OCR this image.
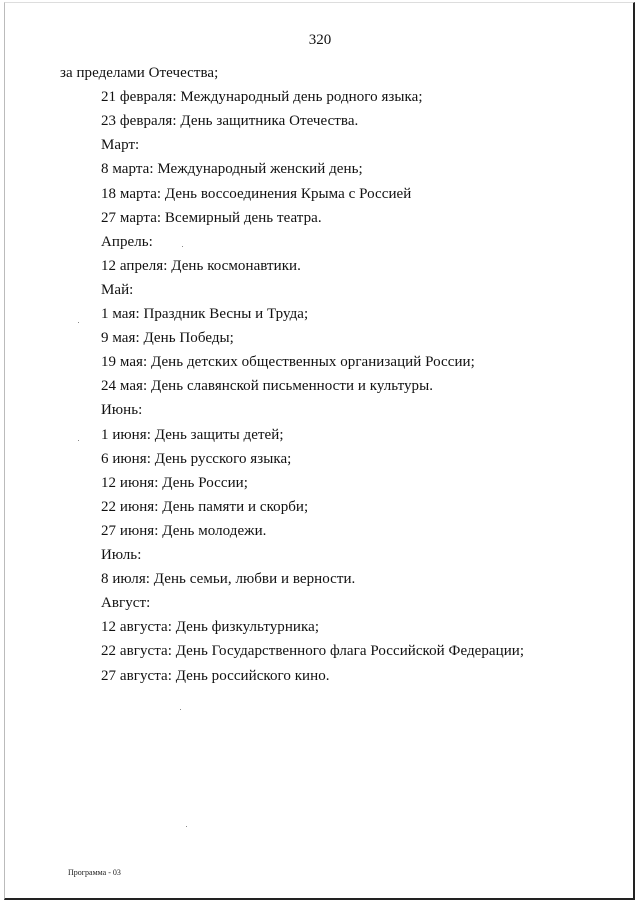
320
за пределами Отечества;
21 февраля: Международный день родного языка;
23 февраля: День защитника Отечества.
Март:
8 марта: Международный женский день;
18 марта: День воссоединения Крыма с Россией
27 марта: Всемирный день театра.
Апрель:
12 апреля: День космонавтики.
Май:
1 мая: Праздник Весны и Труда;
9 мая: День Победы;
19 мая: День детских общественных организаций России;
24 мая: День славянской письменности и культуры.
Июнь:
1 июня: День защиты детей;
6 июня: День русского языка;
12 июня: День России;
22 июня: День памяти и скорби;
27 июня: День молодежи.
Июль:
8 июля: День семьи, любви и верности.
Август:
12 августа: День физкультурника;
22 августа: День Государственного флага Российской Федерации;
27 августа: День российского кино.
Программа - 03
